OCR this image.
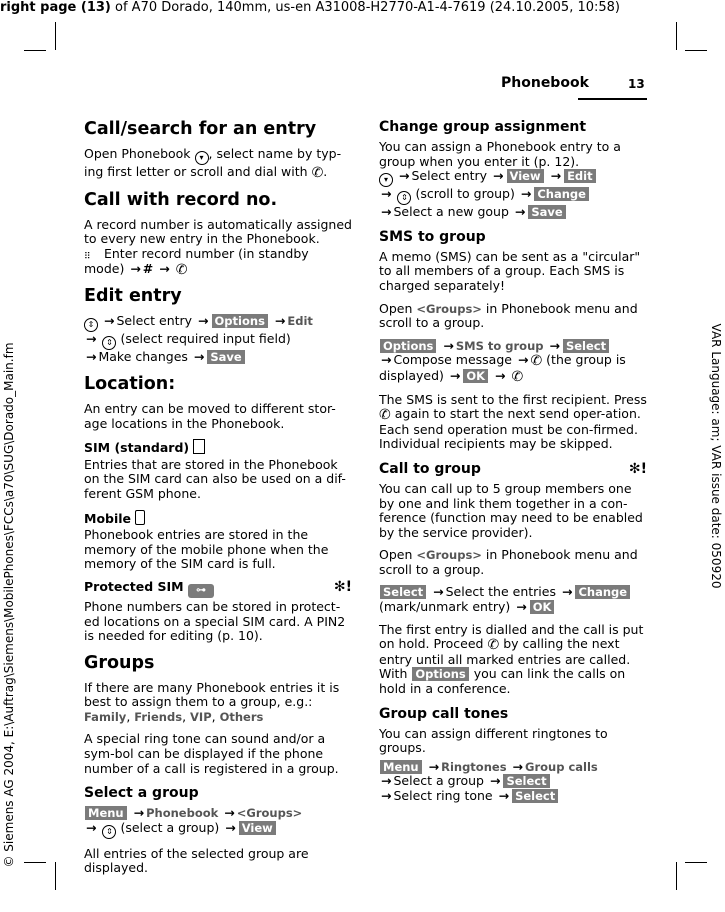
right page (13) of A70 Dorado, 140mm, us-en A31008-H2770-A1-4-7619 (24.10.2005, 10:58)
VAR Language: am; VAR issue date: 050920
© Siemens AG 2004, E:\Auftrag\Siemens\MobilePhones\FCCs\a70\SUG\Dorado_Main.fm
Phonebook	13
Call/search for an entry

Open Phonebook ▾ , select name by typ-ing first letter or scroll and dial with ✆.

Call with record no.

A record number is automatically assigned to every new entry in the Phonebook.

⠿ Enter record number (in standby mode) → # → ✆

Edit entry

⇕ → Select entry → Options → Edit
→ ⇕ (select required input field)
→ Make changes → Save

Location:

An entry can be moved to different stor-age locations in the Phonebook.

SIM (standard)

Entries that are stored in the Phonebook on the SIM card can also be used on a dif-ferent GSM phone.

Mobile

Phonebook entries are stored in the memory of the mobile phone when the memory of the SIM card is full.

Protected SIM ⊶	✻!

Phone numbers can be stored in protect-ed locations on a special SIM card. A PIN2 is needed for editing (p. 10).

Groups

If there are many Phonebook entries it is best to assign them to a group, e.g.:
Family, Friends, VIP, Others

A special ring tone can sound and/or a sym-bol can be displayed if the phone number of a call is registered in a group.

Select a group

Menu → Phonebook → <Groups>
→ ⇕ (select a group) → View

All entries of the selected group are displayed.

Change group assignment

You can assign a Phonebook entry to a group when you enter it (p. 12).

▾ → Select entry → View → Edit
→ ⇕ (scroll to group) → Change
→ Select a new goup → Save

SMS to group

A memo (SMS) can be sent as a "circular" to all members of a group. Each SMS is charged separately!

Open <Groups> in Phonebook menu and scroll to a group.

Options → SMS to group → Select
→ Compose message → ✆ (the group is displayed) → OK → ✆

The SMS is sent to the first recipient. Press ✆ again to start the next send oper-ation. Each send operation must be con-firmed. Individual recipients may be skipped.

Call to group	✻!

You can call up to 5 group members one by one and link them together in a con-ference (function may need to be enabled by the service provider).

Open <Groups> in Phonebook menu and scroll to a group.

Select → Select the entries → Change
(mark/unmark entry) → OK

The first entry is dialled and the call is put on hold. Proceed ✆ by calling the next entry until all marked entries are called. With Options you can link the calls on hold in a conference.

Group call tones

You can assign different ringtones to groups.

Menu → Ringtones → Group calls
→ Select a group → Select
→ Select ring tone → Select
